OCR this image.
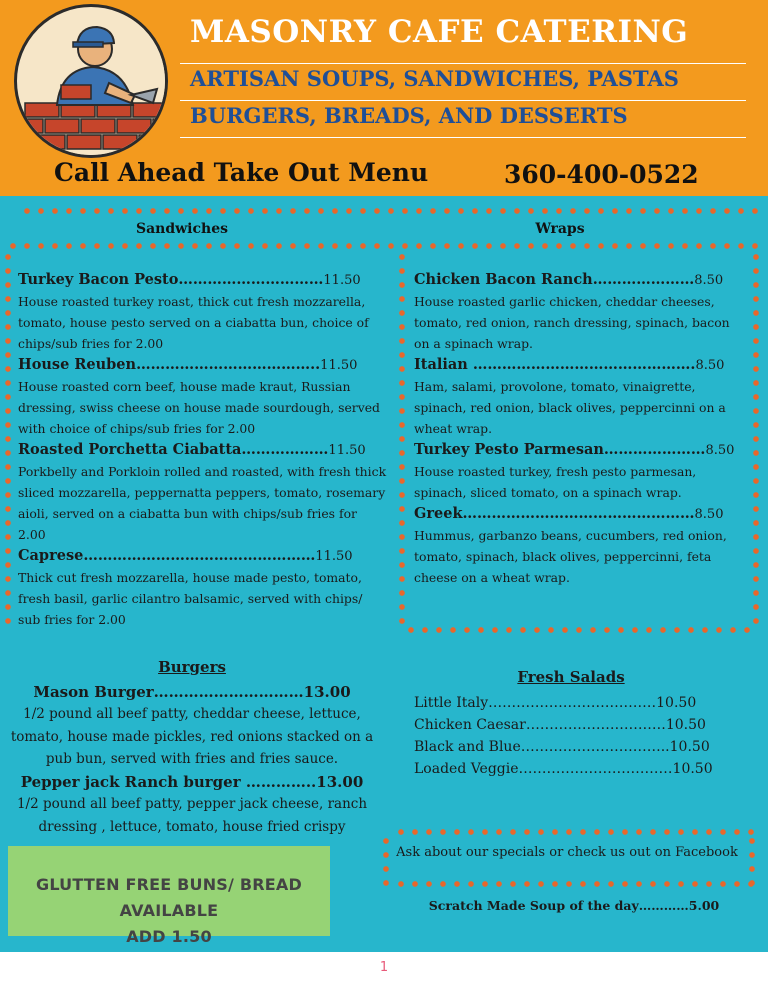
MASONRY CAFE CATERING
ARTISAN SOUPS, SANDWICHES, PASTAS
BURGERS, BREADS, AND DESSERTS
Call Ahead Take Out Menu	360-400-0522
Sandwiches	Wraps
Turkey Bacon Pesto…………………………11.50
House roasted turkey roast, thick cut fresh mozzarella, tomato, house pesto served on a ciabatta bun, choice of chips/sub fries for 2.00
House Reuben………………………………..11.50
House roasted corn beef, house made kraut, Russian dressing, swiss cheese on house made sourdough, served with choice of chips/sub fries for 2.00
Roasted Porchetta Ciabatta………………11.50
Porkbelly and Porkloin rolled and roasted, with fresh thick sliced mozzarella, peppernatta peppers, tomato, rosemary aioli, served on a ciabatta bun with chips/sub fries for 2.00
Caprese…………………………………………11.50
Thick cut fresh mozzarella, house made pesto, tomato, fresh basil, garlic cilantro balsamic, served with chips/ sub fries for 2.00
Chicken Bacon Ranch…………………8.50
House roasted garlic chicken, cheddar cheeses, tomato, red onion, ranch dressing, spinach, bacon on a spinach wrap.
Italian ……………………………………….8.50
Ham, salami, provolone, tomato, vinaigrette, spinach, red onion, black olives, peppercinni on a wheat wrap.
Turkey Pesto Parmesan…………………8.50
House roasted turkey, fresh pesto parmesan, spinach, sliced tomato, on a spinach wrap.
Greek…………………………………………8.50
Hummus, garbanzo beans, cucumbers, red onion, tomato, spinach, black olives, peppercinni, feta cheese on a wheat wrap.
Burgers
Mason Burger…………………………13.00
1/2 pound all beef patty, cheddar cheese, lettuce, tomato, house made pickles, red onions stacked on a pub bun, served with fries and fries sauce.
Pepper jack Ranch burger …………..13.00
1/2 pound all beef patty, pepper jack cheese, ranch dressing , lettuce, tomato, house fried crispy
Fresh Salads
Little Italy………………………………10.50
Chicken Caesar…………………………10.50
Black and Blue…………………………..10.50
Loaded Veggie……………………………10.50
Ask about our specials or check us out on Facebook
Scratch Made Soup of the day…………5.00
GLUTTEN FREE BUNS/ BREAD AVAILABLE
ADD 1.50
1
